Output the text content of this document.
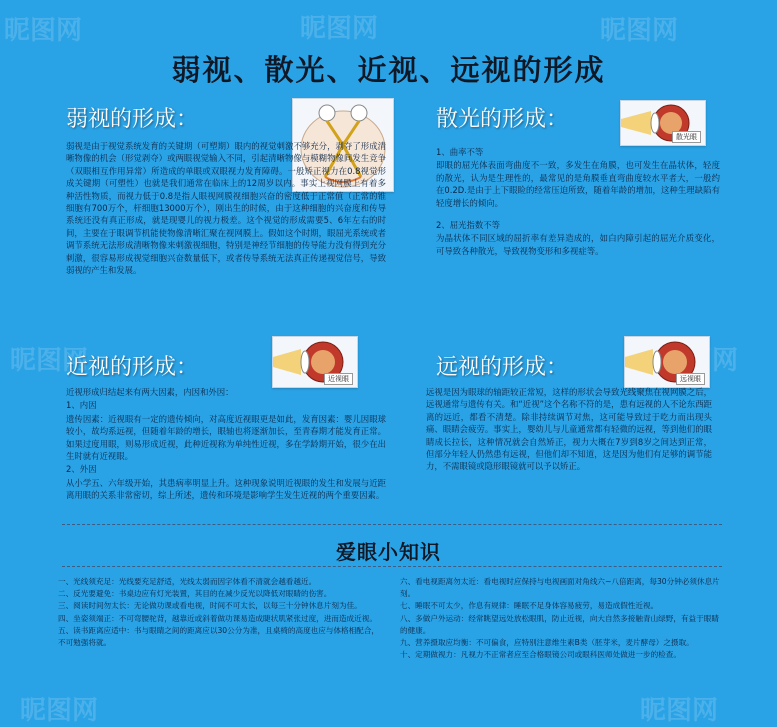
昵图网	昵图网	昵图网
昵图网
昵图网	昵图网
弱视、散光、近视、远视的形成
弱视的形成：

弱视是由于视觉系统发育的关键期（可塑期）眼内的视觉刺激不够充分，剥夺了形成清晰物像的机会（形觉剥夺）或两眼视觉输入不同，引起清晰物像与模糊物像间发生竞争（双眼相互作用异常）所造成的单眼或双眼视力发育障碍。一般矫正视力在0.8视觉形成关键期（可塑性）也就是我们通常在临床上的12周岁以内。事实上视网膜上有着多种活性物质，而视力低于0.8是指人眼视网膜视细胞兴奋的密度低于正常值（正常的锥细胞有700万个，杆细胞13000万个），刚出生的时候，由于这种细胞的兴奋度和传导系统还没有真正形成，就是现婴儿的视力极差。这个视觉的形成需要5、6年左右的时间，主要在于眼调节机能使物像清晰汇聚在视网膜上。假如这个时期，眼屈光系统或者调节系统无法形成清晰物像来刺激视细胞，特别是神经节细胞的传导能力没有得到充分刺激，很容易形成视觉细胞兴奋数量低下，或者传导系统无法真正传递视觉信号，导致弱视的产生和发展。

散光的形成：
散光眼

1、曲率不等

即眼的屈光体表面弯曲度不一致，多发生在角膜，也可发生在晶状体，轻度的散光，认为是生理性的，最常见的是角膜垂直弯曲度较水平者大，一般约在0.2D.是由于上下眼睑的经常压迫所致，随着年龄的增加，这种生理缺陷有轻度增长的倾向。

2、屈光指数不等

为晶状体不同区域的屈折率有差异造成的，如白内障引起的屈光介质变化，可导致各种散光，导致视物变形和多视症等。

近视的形成：	近视眼

近视形成归结起来有两大因素，内因和外因：

1、内因

遗传因素：近视眼有一定的遗传倾向，对高度近视眼更是如此，发育因素：婴儿因眼球较小，故均系远视，但随着年龄的增长，眼轴也将逐渐加长，至青春期才能发育正常。如果过度用眼，则易形成近视，此种近视称为单纯性近视，多在学龄期开始，很少在出生时就有近视眼。

2、外因

从小学五、六年级开始，其患病率明显上升。这种现象说明近视眼的发生和发展与近距离用眼的关系非常密切，综上所述，遗传和环境是影响学生发生近视的两个重要因素。

远视的形成：	远视眼

远视是因为眼球的轴距较正常短，这样的形状会导致光线聚焦在视网膜之后，远视通常与遗传有关。和“近视”这个名称不符的是，患有远视的人不论东西距离的远近，都看不清楚。除非持续调节对焦，这可能导致过于吃力而出现头痛、眼睛会疲劳。事实上，婴幼儿与儿童通常都有轻微的远视，等到他们的眼睛成长拉长，这种情况就会自然矫正，视力大概在7岁到8岁之间达到正常，但部分年轻人仍然患有远视，但他们却不知道，这是因为他们有足够的调节能力，不需眼镜或隐形眼镜就可以予以矫正。

爱眼小知识

一、光线须充足：光线要充足舒适，光线太弱而因字体看不清就会越看越近。

二、反光要避免：书桌边应有灯光装置，其目的在减少反光以降低对眼睛的伤害。

三、阅读时间勿太长：无论做功课或看电视，时间不可太长，以每三十分钟休息片刻为佳。

四、坐姿须端正：不可弯腰驼背，越靠近或斜着做功课易造成睫状肌紧张过度，进而造成近视。

五、读书距离应适中：书与眼睛之间的距离应以30公分为准，且桌椅的高度也应与体格相配合，不可勉强将就。

六、看电视距离勿太近：看电视时应保持与电视画面对角线六~八倍距离，每30分钟必须休息片刻。

七、睡眠不可太少，作息有规律：睡眠不足身体容易疲劳，易造成假性近视。

八、多做户外运动：经常眺望远处放松眼肌，防止近视，向大自然多接触青山绿野，有益于眼睛的健康。

九、营养摄取应均衡：不可偏食，应特别注意维生素B类（胚芽米，麦片酵母）之摄取。

十、定期做视力：凡视力不正常者应至合格眼镜公司或眼科医师处做进一步的检查。
